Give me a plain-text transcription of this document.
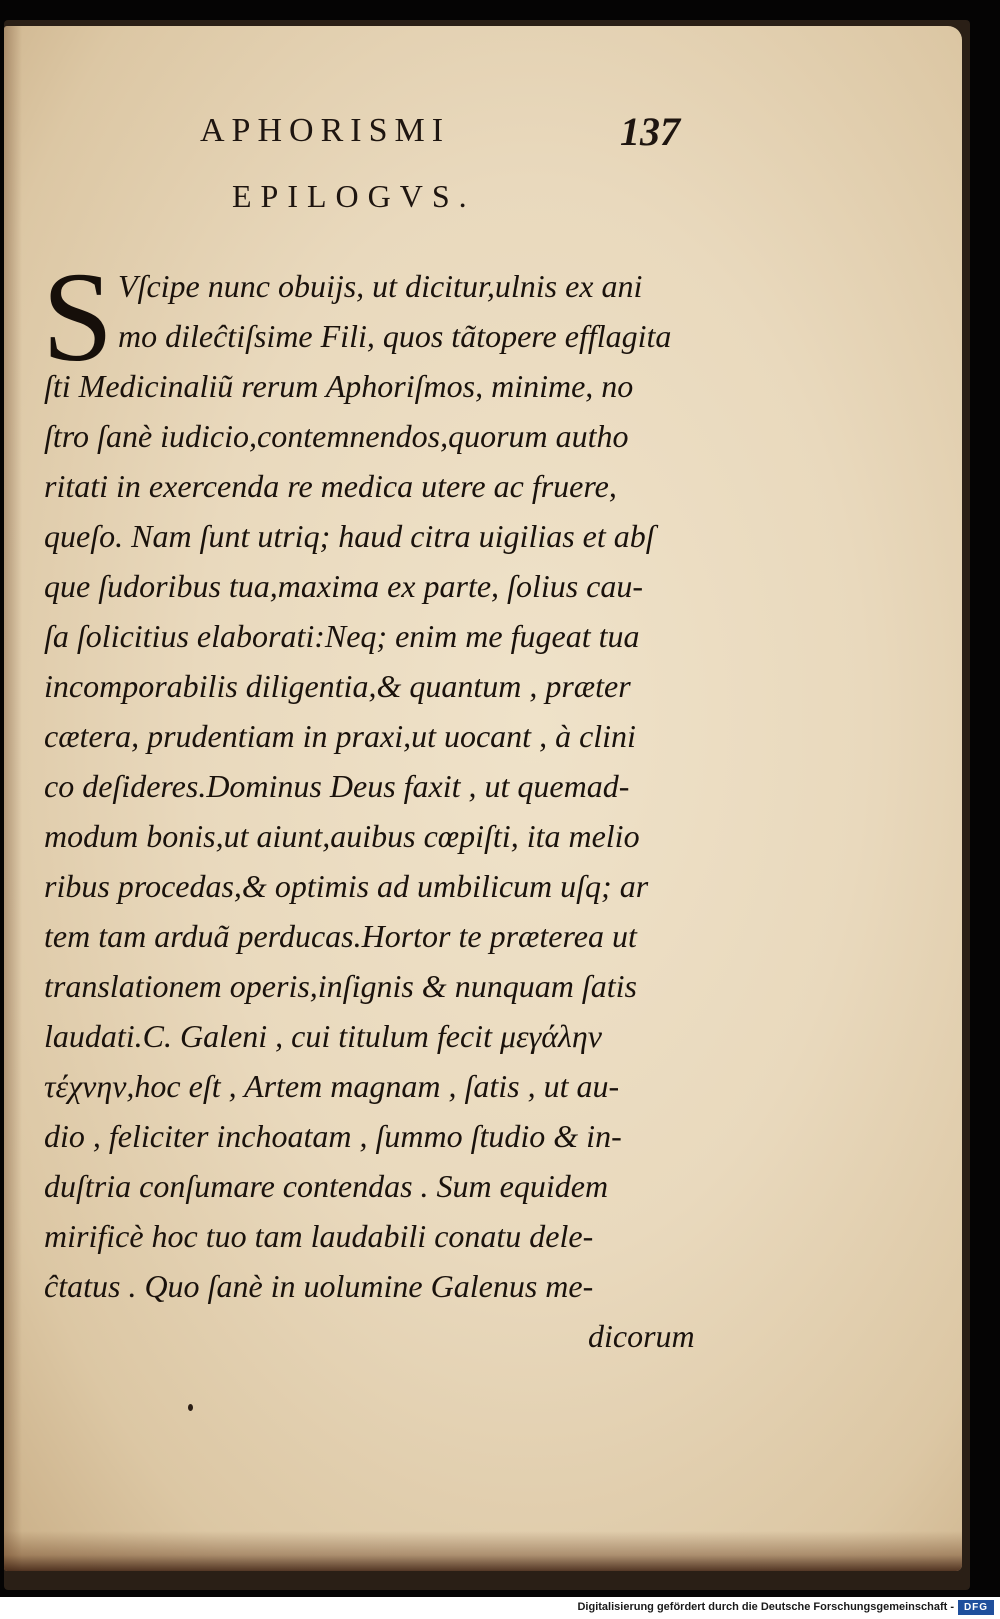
APHORISMI	137
EPILOGVS.
S Vſcipe nunc obuijs, ut dicitur,ulnis ex ani
mo dileĉtiſsime Fili, quos tãtopere efflagita
ſti Medicinaliũ rerum Aphoriſmos, minime, no
ſtro ſanè iudicio,contemnendos,quorum autho
ritati in exercenda re medica utere ac fruere,
queſo. Nam ſunt utriq; haud citra uigilias et abſ
que ſudoribus tua,maxima ex parte, ſolius cau-
ſa ſolicitius elaborati:Neq; enim me fugeat tua
incomporabilis diligentia,& quantum , præter
cætera, prudentiam in praxi,ut uocant , à clini
co deſideres.Dominus Deus faxit , ut quemad-
modum bonis,ut aiunt,auibus cœpiſti, ita melio
ribus procedas,& optimis ad umbilicum uſq; ar
tem tam arduã perducas.Hortor te præterea ut
translationem operis,inſignis & nunquam ſatis
laudati.C. Galeni , cui titulum fecit μεγάλην
τέχνην,hoc eſt , Artem magnam , ſatis , ut au-
dio , feliciter inchoatam , ſummo ſtudio & in-
duſtria conſumare contendas . Sum equidem
mirificè hoc tuo tam laudabili conatu dele-
ĉtatus . Quo ſanè in uolumine Galenus me-
dicorum
Digitalisierung gefördert durch die Deutsche Forschungsgemeinschaft - DFG
